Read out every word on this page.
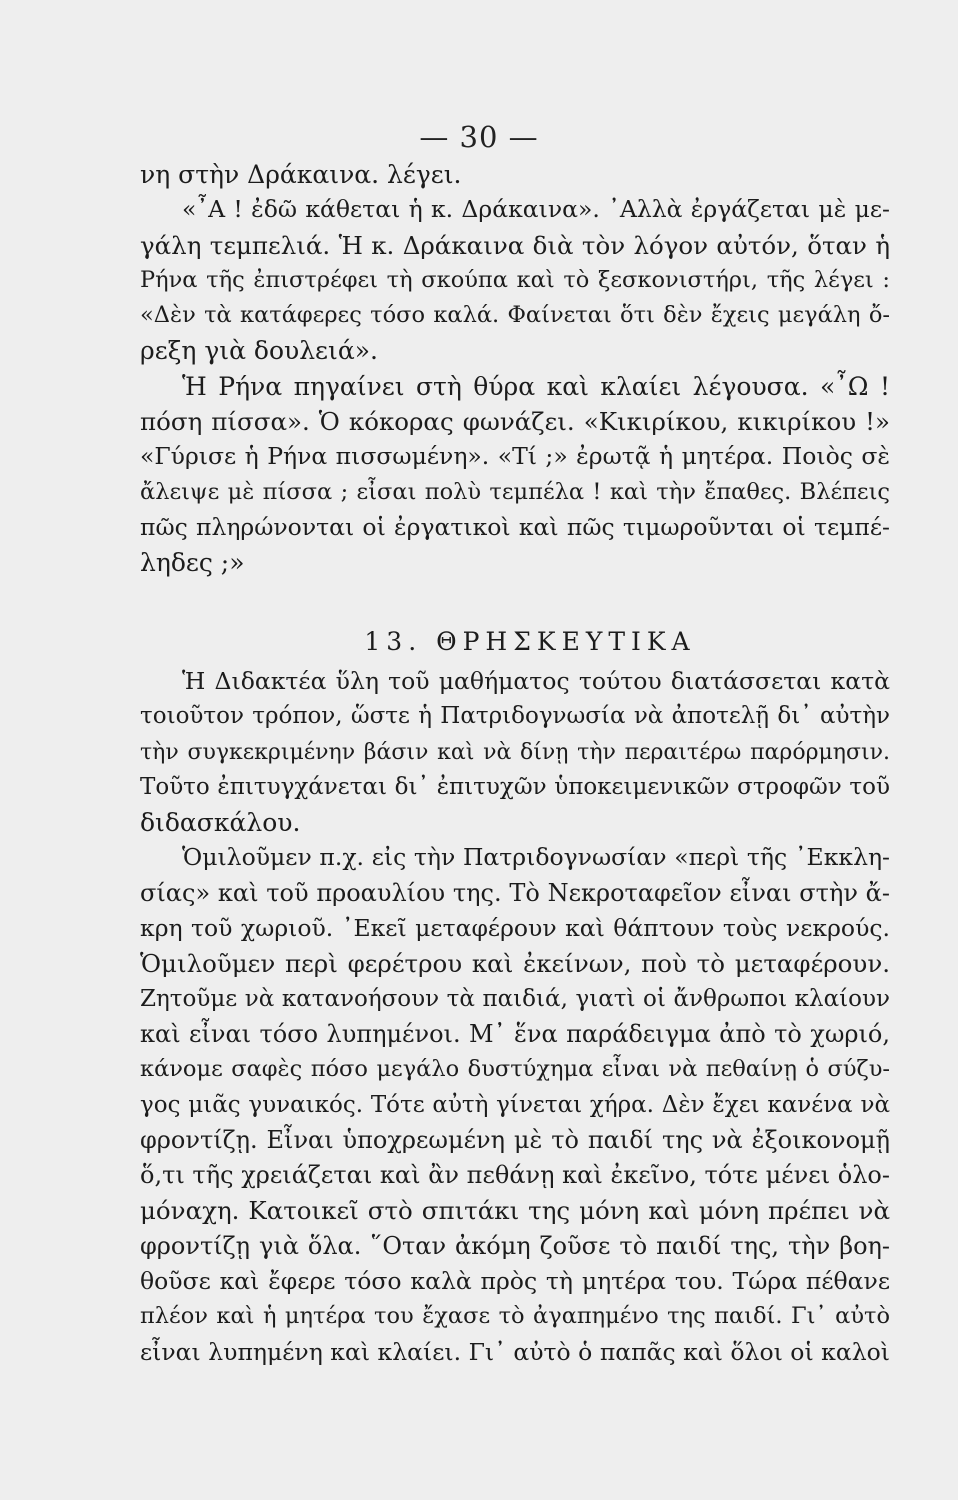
— 30 —
νη στὴν Δράκαινα. λέγει.
«῏Α ! ἐδῶ κάθεται ἡ κ. Δράκαινα». ᾿Αλλὰ ἐργάζεται μὲ με-
γάλη τεμπελιά. Ἡ κ. Δράκαινα διὰ τὸν λόγον αὐτόν, ὅταν ἡ
Ρήνα τῆς ἐπιστρέφει τὴ σκούπα καὶ τὸ ξεσκονιστήρι, τῆς λέγει :
«Δὲν τὰ κατάφερες τόσο καλά. Φαίνεται ὅτι δὲν ἔχεις μεγάλη ὄ-
ρεξη γιὰ δουλειά».
Ἡ Ρήνα πηγαίνει στὴ θύρα καὶ κλαίει λέγουσα. «῏Ω !
πόση πίσσα». Ὁ κόκορας φωνάζει. «Κικιρίκου, κικιρίκου !»
«Γύρισε ἡ Ρήνα πισσωμένη». «Τί ;» ἐρωτᾷ ἡ μητέρα. Ποιὸς σὲ
ἄλειψε μὲ πίσσα ; εἶσαι πολὺ τεμπέλα ! καὶ τὴν ἔπαθες. Βλέπεις
πῶς πληρώνονται οἱ ἐργατικοὶ καὶ πῶς τιμωροῦνται οἱ τεμπέ-
ληδες ;»
13. ΘΡΗΣΚΕΥΤΙΚΑ
Ἡ Διδακτέα ὕλη τοῦ μαθήματος τούτου διατάσσεται κατὰ
τοιοῦτον τρόπον, ὥστε ἡ Πατριδογνωσία νὰ ἀποτελῇ δι᾿ αὐτὴν
τὴν συγκεκριμένην βάσιν καὶ νὰ δίνῃ τὴν περαιτέρω παρόρμησιν.
Τοῦτο ἐπιτυγχάνεται δι᾿ ἐπιτυχῶν ὑποκειμενικῶν στροφῶν τοῦ
διδασκάλου.
Ὁμιλοῦμεν π.χ. εἰς τὴν Πατριδογνωσίαν «περὶ τῆς ᾿Εκκλη-
σίας» καὶ τοῦ προαυλίου της. Τὸ Νεκροταφεῖον εἶναι στὴν ἄ-
κρη τοῦ χωριοῦ. ᾿Εκεῖ μεταφέρουν καὶ θάπτουν τοὺς νεκρούς.
Ὁμιλοῦμεν περὶ φερέτρου καὶ ἐκείνων, ποὺ τὸ μεταφέρουν.
Ζητοῦμε νὰ κατανοήσουν τὰ παιδιά, γιατὶ οἱ ἄνθρωποι κλαίουν
καὶ εἶναι τόσο λυπημένοι. Μ᾿ ἕνα παράδειγμα ἀπὸ τὸ χωριό,
κάνομε σαφὲς πόσο μεγάλο δυστύχημα εἶναι νὰ πεθαίνῃ ὁ σύζυ-
γος μιᾶς γυναικός. Τότε αὐτὴ γίνεται χήρα. Δὲν ἔχει κανένα νὰ
φροντίζῃ. Εἶναι ὑποχρεωμένη μὲ τὸ παιδί της νὰ ἐξοικονομῇ
ὅ,τι τῆς χρειάζεται καὶ ἂν πεθάνῃ καὶ ἐκεῖνο, τότε μένει ὁλο-
μόναχη. Κατοικεῖ στὸ σπιτάκι της μόνη καὶ μόνη πρέπει νὰ
φροντίζῃ γιὰ ὅλα. ῞Οταν ἀκόμη ζοῦσε τὸ παιδί της, τὴν βοη-
θοῦσε καὶ ἔφερε τόσο καλὰ πρὸς τὴ μητέρα του. Τώρα πέθανε
πλέον καὶ ἡ μητέρα του ἔχασε τὸ ἀγαπημένο της παιδί. Γι᾿ αὐτὸ
εἶναι λυπημένη καὶ κλαίει. Γι᾿ αὐτὸ ὁ παπᾶς καὶ ὅλοι οἱ καλοὶ
